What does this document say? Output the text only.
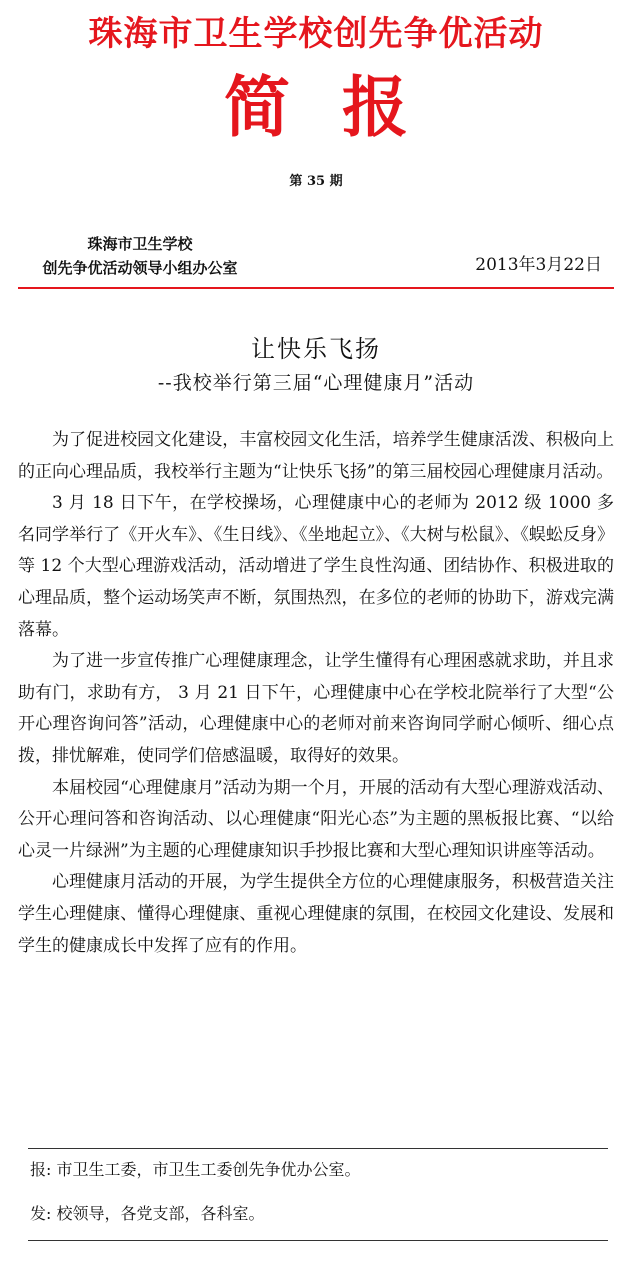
珠海市卫生学校创先争优活动
简 报
第 35 期
珠海市卫生学校
创先争优活动领导小组办公室	2013年3月22日
让快乐飞扬
--我校举行第三届“心理健康月”活动

为了促进校园文化建设，丰富校园文化生活，培养学生健康活泼、积极向上的正向心理品质，我校举行主题为“让快乐飞扬”的第三届校园心理健康月活动。

3 月 18 日下午，在学校操场，心理健康中心的老师为 2012 级 1000 多名同学举行了《开火车》、《生日线》、《坐地起立》、《大树与松鼠》、《蜈蚣反身》等 12 个大型心理游戏活动，活动增进了学生良性沟通、团结协作、积极进取的心理品质，整个运动场笑声不断，氛围热烈，在多位的老师的协助下，游戏完满落幕。

为了进一步宣传推广心理健康理念，让学生懂得有心理困惑就求助，并且求助有门，求助有方， 3 月 21 日下午，心理健康中心在学校北院举行了大型“公开心理咨询问答”活动，心理健康中心的老师对前来咨询同学耐心倾听、细心点拨，排忧解难，使同学们倍感温暖，取得好的效果。

本届校园“心理健康月”活动为期一个月，开展的活动有大型心理游戏活动、公开心理问答和咨询活动、以心理健康“阳光心态”为主题的黑板报比赛、“以给心灵一片绿洲”为主题的心理健康知识手抄报比赛和大型心理知识讲座等活动。

心理健康月活动的开展，为学生提供全方位的心理健康服务，积极营造关注学生心理健康、懂得心理健康、重视心理健康的氛围，在校园文化建设、发展和学生的健康成长中发挥了应有的作用。

报: 市卫生工委，市卫生工委创先争优办公室。
发: 校领导，各党支部，各科室。
